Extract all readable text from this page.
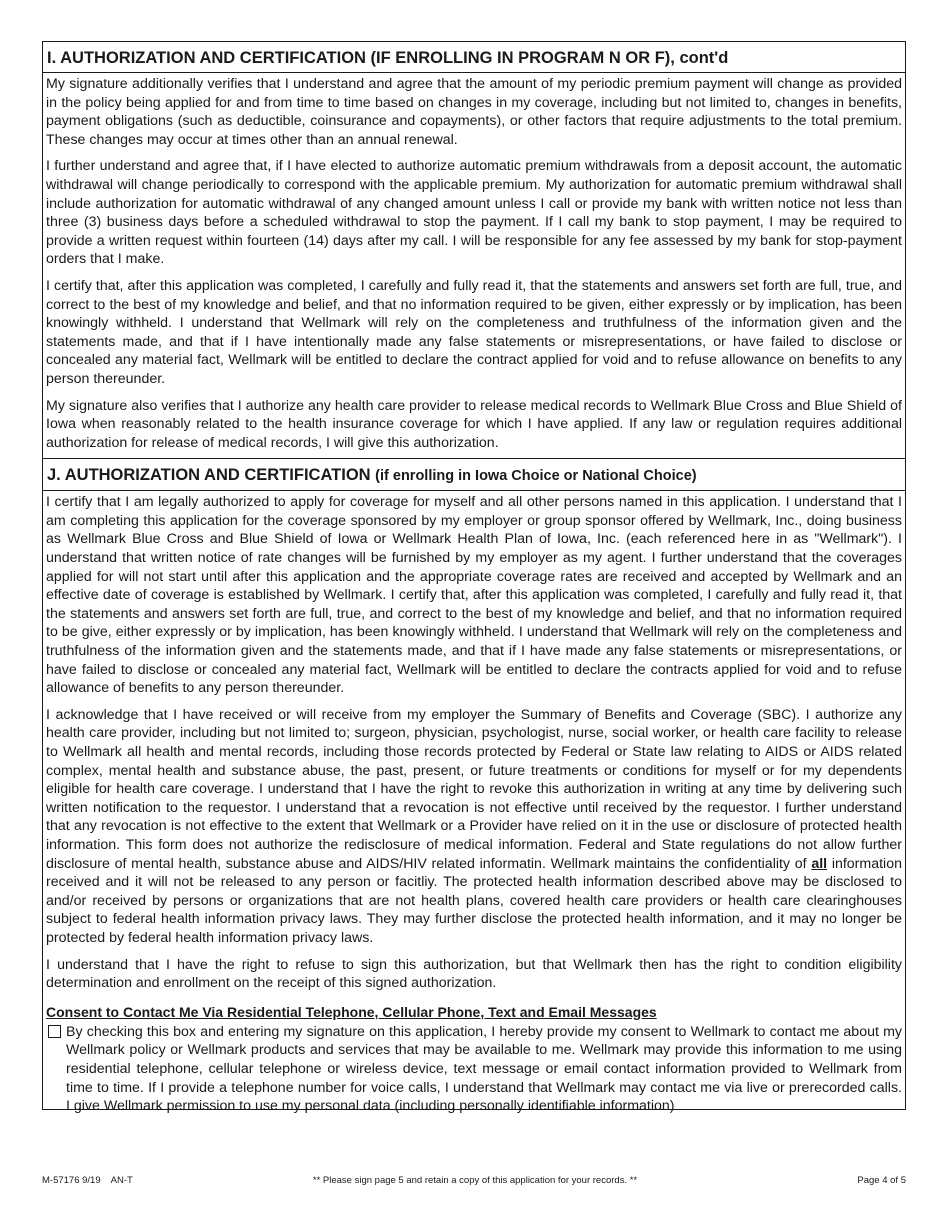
I. AUTHORIZATION AND CERTIFICATION (IF ENROLLING IN PROGRAM N OR F), cont'd

My signature additionally verifies that I understand and agree that the amount of my periodic premium payment will change as provided in the policy being applied for and from time to time based on changes in my coverage, including but not limited to, changes in benefits, payment obligations (such as deductible, coinsurance and copayments), or other factors that require adjustments to the total premium. These changes may occur at times other than an annual renewal.

I further understand and agree that, if I have elected to authorize automatic premium withdrawals from a deposit account, the automatic withdrawal will change periodically to correspond with the applicable premium. My authorization for automatic premium withdrawal shall include authorization for automatic withdrawal of any changed amount unless I call or provide my bank with written notice not less than three (3) business days before a scheduled withdrawal to stop the payment. If I call my bank to stop payment, I may be required to provide a written request within fourteen (14) days after my call. I will be responsible for any fee assessed by my bank for stop-payment orders that I make.

I certify that, after this application was completed, I carefully and fully read it, that the statements and answers set forth are full, true, and correct to the best of my knowledge and belief, and that no information required to be given, either expressly or by implication, has been knowingly withheld. I understand that Wellmark will rely on the completeness and truthfulness of the information given and the statements made, and that if I have intentionally made any false statements or misrepresentations, or have failed to disclose or concealed any material fact, Wellmark will be entitled to declare the contract applied for void and to refuse allowance on benefits to any person thereunder.

My signature also verifies that I authorize any health care provider to release medical records to Wellmark Blue Cross and Blue Shield of Iowa when reasonably related to the health insurance coverage for which I have applied. If any law or regulation requires additional authorization for release of medical records, I will give this authorization.

J. AUTHORIZATION AND CERTIFICATION (if enrolling in Iowa Choice or National Choice)

I certify that I am legally authorized to apply for coverage for myself and all other persons named in this application. I understand that I am completing this application for the coverage sponsored by my employer or group sponsor offered by Wellmark, Inc., doing business as Wellmark Blue Cross and Blue Shield of Iowa or Wellmark Health Plan of Iowa, Inc. (each referenced here in as "Wellmark"). I understand that written notice of rate changes will be furnished by my employer as my agent. I further understand that the coverages applied for will not start until after this application and the appropriate coverage rates are received and accepted by Wellmark and an effective date of coverage is established by Wellmark. I certify that, after this application was completed, I carefully and fully read it, that the statements and answers set forth are full, true, and correct to the best of my knowledge and belief, and that no information required to be give, either expressly or by implication, has been knowingly withheld. I understand that Wellmark will rely on the completeness and truthfulness of the information given and the statements made, and that if I have made any false statements or misrepresentations, or have failed to disclose or concealed any material fact, Wellmark will be entitled to declare the contracts applied for void and to refuse allowance of benefits to any person thereunder.

I acknowledge that I have received or will receive from my employer the Summary of Benefits and Coverage (SBC). I authorize any health care provider, including but not limited to; surgeon, physician, psychologist, nurse, social worker, or health care facility to release to Wellmark all health and mental records, including those records protected by Federal or State law relating to AIDS or AIDS related complex, mental health and substance abuse, the past, present, or future treatments or conditions for myself or for my dependents eligible for health care coverage. I understand that I have the right to revoke this authorization in writing at any time by delivering such written notification to the requestor. I understand that a revocation is not effective until received by the requestor. I further understand that any revocation is not effective to the extent that Wellmark or a Provider have relied on it in the use or disclosure of protected health information. This form does not authorize the redisclosure of medical information. Federal and State regulations do not allow further disclosure of mental health, substance abuse and AIDS/HIV related informatin. Wellmark maintains the confidentiality of all information received and it will not be released to any person or facitliy. The protected health information described above may be disclosed to and/or received by persons or organizations that are not health plans, covered health care providers or health care clearinghouses subject to federal health information privacy laws. They may further disclose the protected health information, and it may no longer be protected by federal health information privacy laws.

I understand that I have the right to refuse to sign this authorization, but that Wellmark then has the right to condition eligibility determination and enrollment on the receipt of this signed authorization.

Consent to Contact Me Via Residential Telephone, Cellular Phone, Text and Email Messages
By checking this box and entering my signature on this application, I hereby provide my consent to Wellmark to contact me about my Wellmark policy or Wellmark products and services that may be available to me. Wellmark may provide this information to me using residential telephone, cellular telephone or wireless device, text message or email contact information provided to Wellmark from time to time. If I provide a telephone number for voice calls, I understand that Wellmark may contact me via live or prerecorded calls. I give Wellmark permission to use my personal data (including personally identifiable information)
M-57176 9/19    AN-T	** Please sign page 5 and retain a copy of this application for your records. **	Page 4 of 5
